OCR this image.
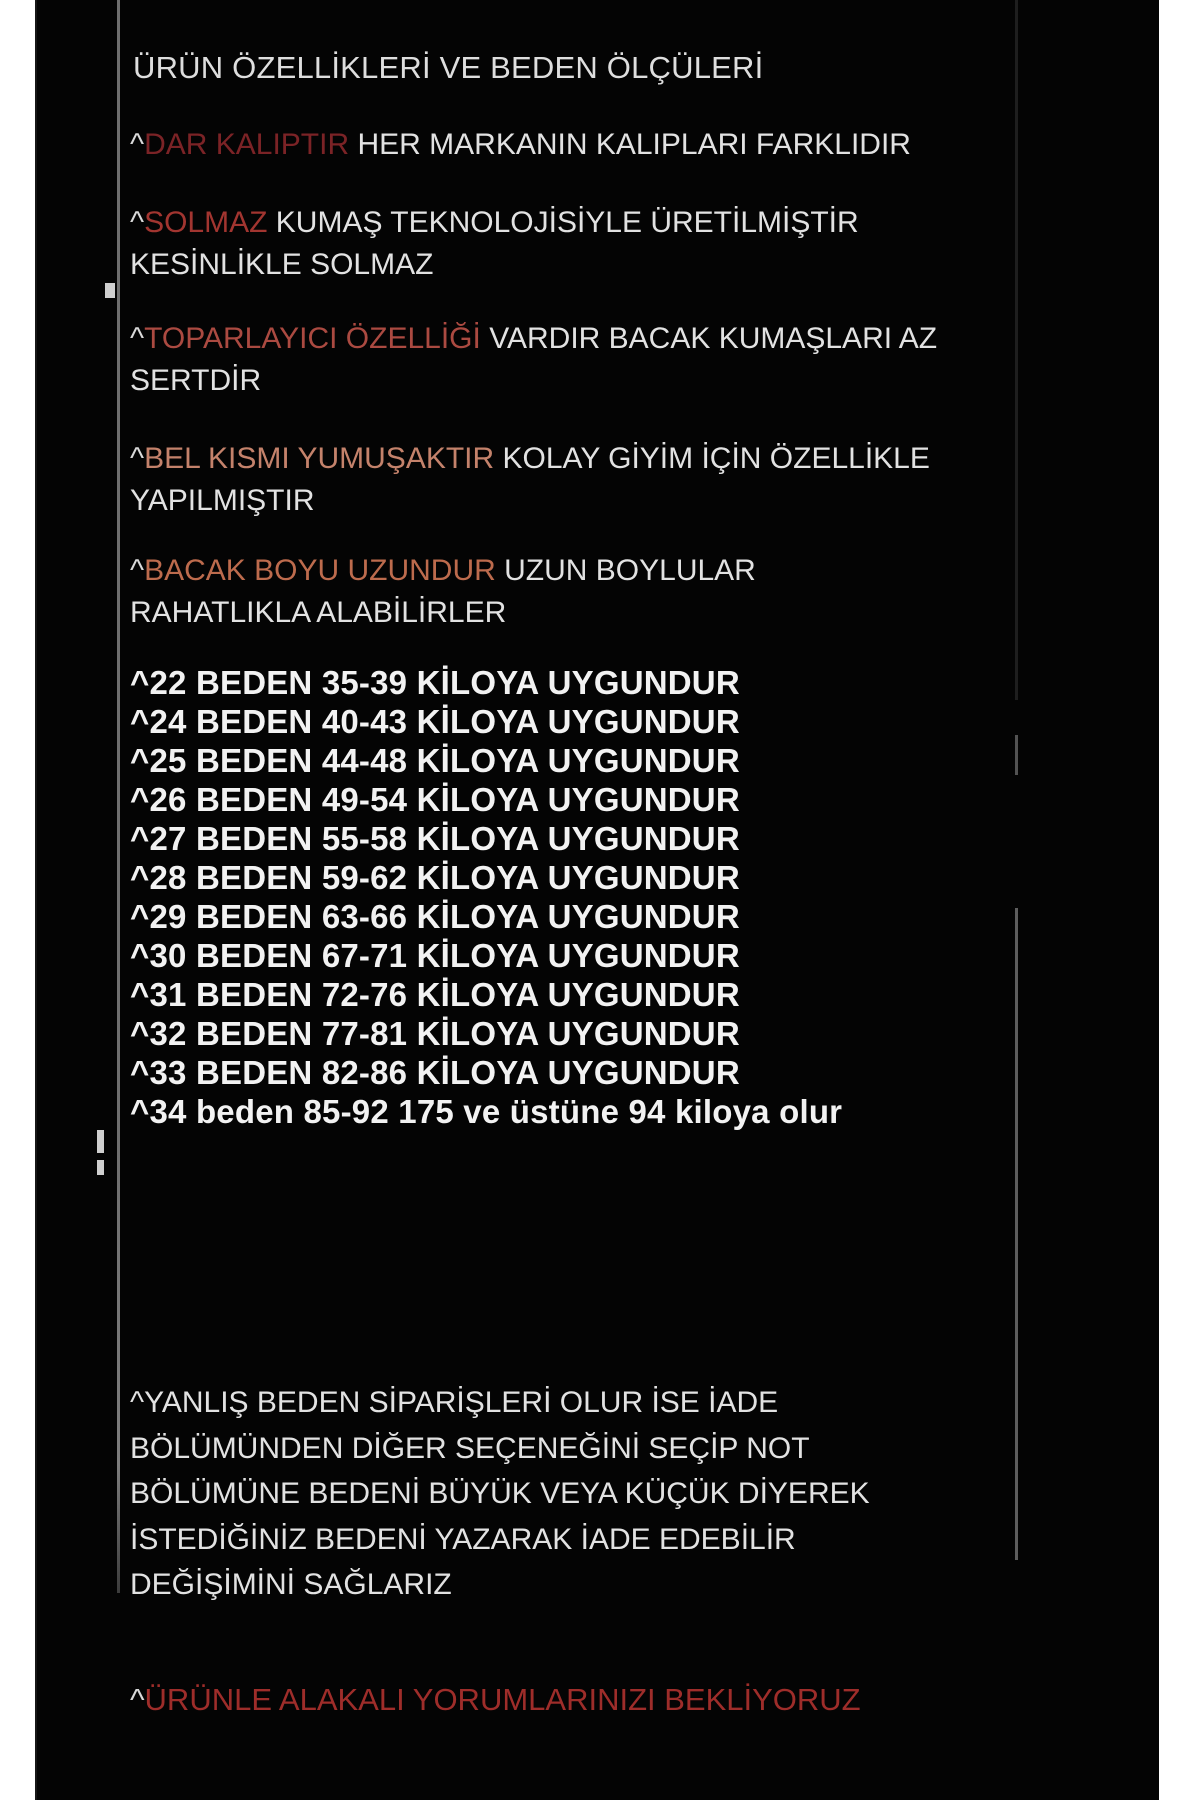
ÜRÜN ÖZELLİKLERİ VE BEDEN ÖLÇÜLERİ
^DAR KALIPTIR HER MARKANIN KALIPLARI FARKLIDIR
^SOLMAZ KUMAŞ TEKNOLOJİSİYLE ÜRETİLMİŞTİR KESİNLİKLE SOLMAZ
^TOPARLAYICI ÖZELLİĞİ VARDIR BACAK KUMAŞLARI AZ SERTDİR
^BEL KISMI YUMUŞAKTIR KOLAY GİYİM İÇİN ÖZELLİKLE YAPILMIŞTIR
^BACAK BOYU UZUNDUR UZUN BOYLULAR RAHATLIKLA ALABİLİRLER
^22 BEDEN 35-39 KİLOYA UYGUNDUR
^24 BEDEN 40-43 KİLOYA UYGUNDUR
^25 BEDEN 44-48 KİLOYA UYGUNDUR
^26 BEDEN 49-54 KİLOYA UYGUNDUR
^27 BEDEN 55-58 KİLOYA UYGUNDUR
^28 BEDEN 59-62 KİLOYA UYGUNDUR
^29 BEDEN 63-66 KİLOYA UYGUNDUR
^30 BEDEN 67-71 KİLOYA UYGUNDUR
^31 BEDEN 72-76 KİLOYA UYGUNDUR
^32 BEDEN 77-81 KİLOYA UYGUNDUR
^33 BEDEN 82-86 KİLOYA UYGUNDUR
^34 beden 85-92 175 ve üstüne 94 kiloya olur
^YANLIŞ BEDEN SİPARİŞLERİ OLUR İSE İADE
BÖLÜMÜNDEN DİĞER SEÇENEĞİNİ SEÇİP NOT
BÖLÜMÜNE BEDENİ BÜYÜK VEYA KÜÇÜK DİYEREK
İSTEDİĞİNİZ BEDENİ YAZARAK İADE EDEBİLİR
DEĞİŞİMİNİ SAĞLARIZ
^ÜRÜNLE ALAKALI YORUMLARINIZI BEKLİYORUZ
